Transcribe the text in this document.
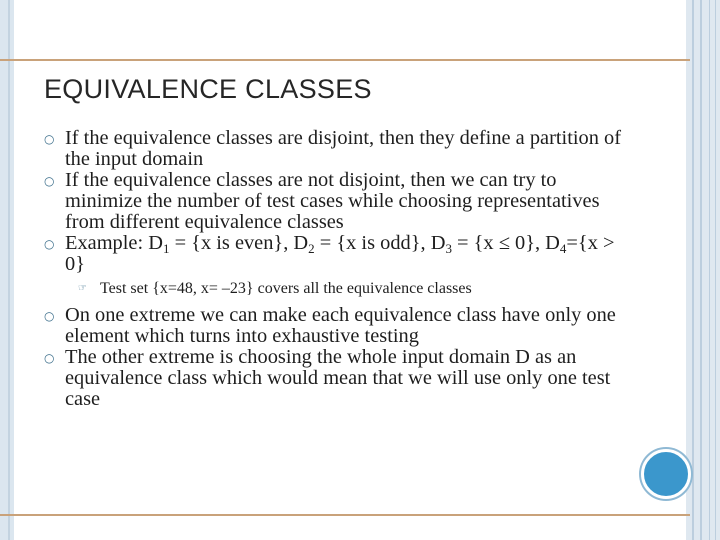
EQUIVALENCE CLASSES

○ If the equivalence classes are disjoint, then they define a partition of the input domain

○ If the equivalence classes are not disjoint, then we can try to minimize the number of test cases while choosing representatives from different equivalence classes

○ Example: $D_1 = \{x$ is even}, $D_2 = \{x$ is odd}, $D_3 = \{x \le 0\}$, $D_4=\{x > 0\}$

☞ Test set {x=48, x= –23} covers all the equivalence classes

○ On one extreme we can make each equivalence class have only one element which turns into exhaustive testing

○ The other extreme is choosing the whole input domain D as an equivalence class which would mean that we will use only one test case
